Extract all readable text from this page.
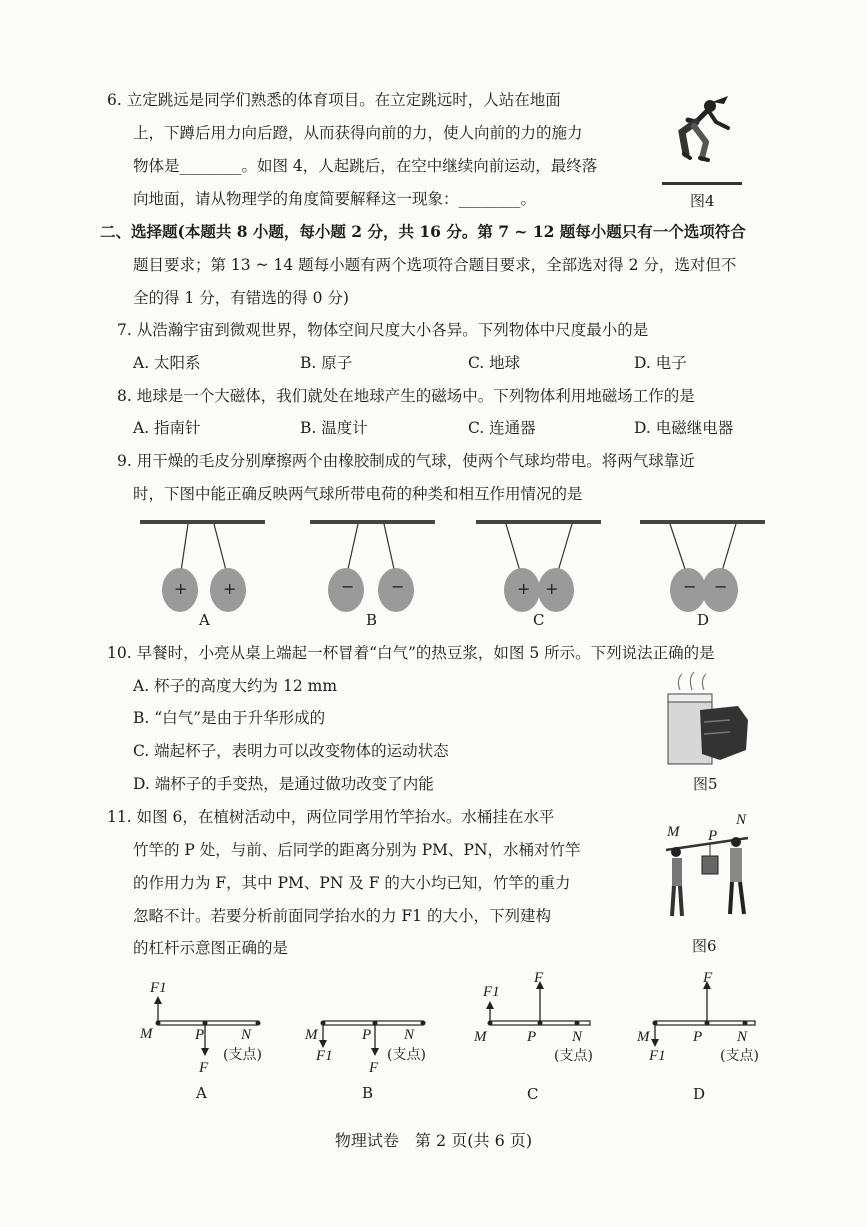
6. 立定跳远是同学们熟悉的体育项目。在立定跳远时，人站在地面
上，下蹲后用力向后蹬，从而获得向前的力，使人向前的力的施力
物体是________。如图 4，人起跳后，在空中继续向前运动，最终落
向地面，请从物理学的角度简要解释这一现象：________。	图4
二、选择题(本题共 8 小题，每小题 2 分，共 16 分。第 7 ~ 12 题每小题只有一个选项符合
题目要求；第 13 ~ 14 题每小题有两个选项符合题目要求，全部选对得 2 分，选对但不
全的得 1 分，有错选的得 0 分)
7. 从浩瀚宇宙到微观世界，物体空间尺度大小各异。下列物体中尺度最小的是
A. 太阳系	B. 原子	C. 地球	D. 电子
8. 地球是一个大磁体，我们就处在地球产生的磁场中。下列物体利用地磁场工作的是
A. 指南针	B. 温度计	C. 连通器	D. 电磁继电器
9. 用干燥的毛皮分别摩擦两个由橡胶制成的气球，使两个气球均带电。将两气球靠近
时，下图中能正确反映两气球所带电荷的种类和相互作用情况的是
+ +
A
− −
B
+ +
C
− −
D
10. 早餐时，小亮从桌上端起一杯冒着“白气”的热豆浆，如图 5 所示。下列说法正确的是
A. 杯子的高度大约为 12 mm
B. “白气”是由于升华形成的
C. 端起杯子，表明力可以改变物体的运动状态
D. 端杯子的手变热，是通过做功改变了内能	图5
11. 如图 6，在植树活动中，两位同学用竹竿抬水。水桶挂在水平
竹竿的 P 处，与前、后同学的距离分别为 PM、PN，水桶对竹竿
的作用力为 F，其中 PM、PN 及 F 的大小均已知，竹竿的重力
忽略不计。若要分析前面同学抬水的力 F1 的大小，下列建构
的杠杆示意图正确的是
M P
N
图6
F1
M	P N
(支点)
F
A
M
F1
P N
(支点)
F
B
F1
F
M	P N
(支点)
C
F
M
F1
P N
(支点)
D
物理试卷　第 2 页(共 6 页)
